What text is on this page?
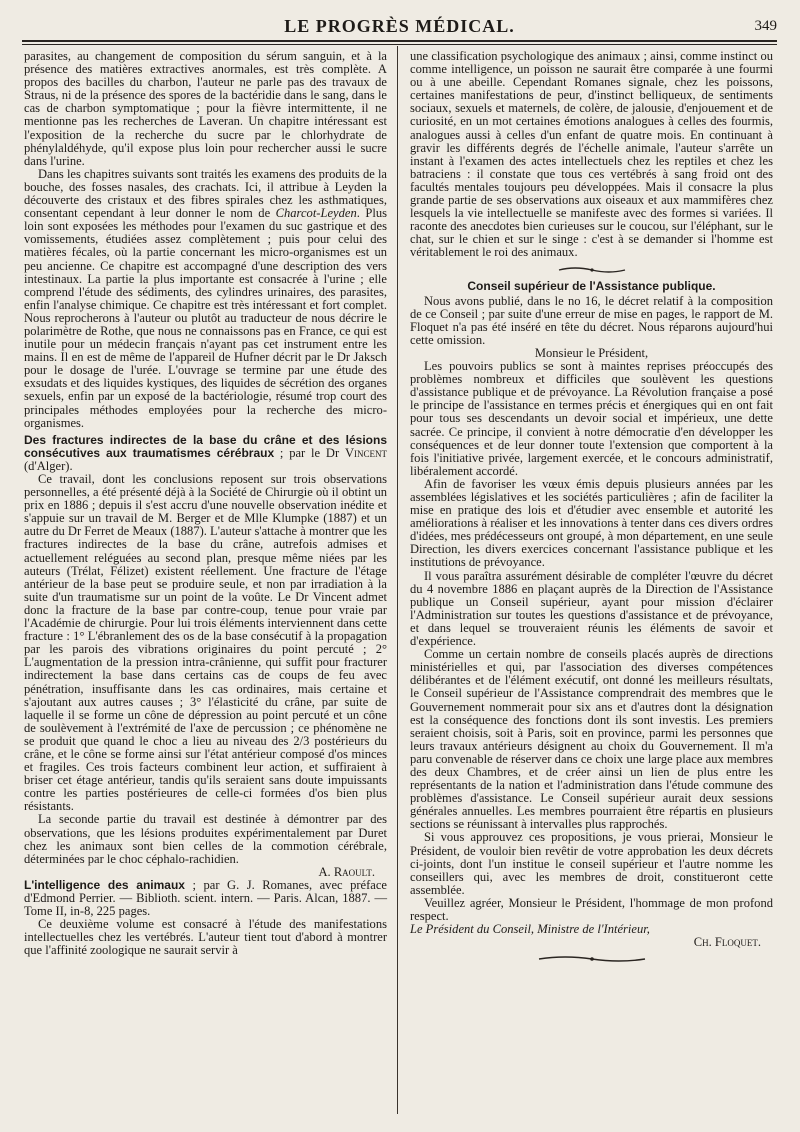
LE PROGRÈS MÉDICAL.	349

parasites, au changement de composition du sérum sanguin, et à la présence des matières extractives anormales, est très complète. A propos des bacilles du charbon, l'auteur ne parle pas des travaux de Straus, ni de la présence des spores de la bactéridie dans le sang, dans le cas de charbon symptomatique ; pour la fièvre intermittente, il ne mentionne pas les recherches de Laveran. Un chapitre intéressant est l'exposition de la recherche du sucre par le chlorhydrate de phénylaldéhyde, qu'il expose plus loin pour rechercher aussi le sucre dans l'urine.

Dans les chapitres suivants sont traités les examens des produits de la bouche, des fosses nasales, des crachats. Ici, il attribue à Leyden la découverte des cristaux et des fibres spirales chez les asthmatiques, consentant cependant à leur donner le nom de Charcot-Leyden. Plus loin sont exposées les méthodes pour l'examen du suc gastrique et des vomissements, étudiées assez complètement ; puis pour celui des matières fécales, où la partie concernant les micro-organismes est un peu ancienne. Ce chapitre est accompagné d'une description des vers intestinaux. La partie la plus importante est consacrée à l'urine ; elle comprend l'étude des sédiments, des cylindres urinaires, des parasites, enfin l'analyse chimique. Ce chapitre est très intéressant et fort complet. Nous reprocherons à l'auteur ou plutôt au traducteur de nous décrire le polarimètre de Rothe, que nous ne connaissons pas en France, ce qui est inutile pour un médecin français n'ayant pas cet instrument entre les mains. Il en est de même de l'appareil de Hufner décrit par le Dr Jaksch pour le dosage de l'urée. L'ouvrage se termine par une étude des exsudats et des liquides kystiques, des liquides de sécrétion des organes sexuels, enfin par un exposé de la bactériologie, résumé trop court des principales méthodes employées pour la recherche des micro-organismes.

Des fractures indirectes de la base du crâne et des lésions consécutives aux traumatismes cérébraux ; par le Dr Vincent (d'Alger).

Ce travail, dont les conclusions reposent sur trois observations personnelles, a été présenté déjà à la Société de Chirurgie où il obtint un prix en 1886 ; depuis il s'est accru d'une nouvelle observation inédite et s'appuie sur un travail de M. Berger et de Mlle Klumpke (1887) et un autre du Dr Ferret de Meaux (1887). L'auteur s'attache à montrer que les fractures indirectes de la base du crâne, autrefois admises et actuellement reléguées au second plan, presque même niées par les auteurs (Trélat, Félizet) existent réellement. Une fracture de l'étage antérieur de la base peut se produire seule, et non par irradiation à la suite d'un traumatisme sur un point de la voûte. Le Dr Vincent admet donc la fracture de la base par contre-coup, tenue pour vraie par l'Académie de chirurgie. Pour lui trois éléments interviennent dans cette fracture : 1° L'ébranlement des os de la base consécutif à la propagation par les parois des vibrations originaires du point percuté ; 2° L'augmentation de la pression intra-crânienne, qui suffit pour fracturer indirectement la base dans certains cas de coups de feu avec pénétration, insuffisante dans les cas ordinaires, mais certaine et s'ajoutant aux autres causes ; 3° l'élasticité du crâne, par suite de laquelle il se forme un cône de dépression au point percuté et un cône de soulèvement à l'extrémité de l'axe de percussion ; ce phénomène ne se produit que quand le choc a lieu au niveau des 2/3 postérieurs du crâne, et le cône se forme ainsi sur l'état antérieur composé d'os minces et fragiles. Ces trois facteurs combinent leur action, et suffiraient à briser cet étage antérieur, tandis qu'ils seraient sans doute impuissants contre les parties postérieures de celle-ci formées d'os bien plus résistants.

La seconde partie du travail est destinée à démontrer par des observations, que les lésions produites expérimentalement par Duret chez les animaux sont bien celles de la commotion cérébrale, déterminées par le choc céphalo-rachidien.

A. Raoult.

L'intelligence des animaux ; par G. J. Romanes, avec préface d'Edmond Perrier. — Biblioth. scient. intern. — Paris. Alcan, 1887. — Tome II, in-8, 225 pages.

Ce deuxième volume est consacré à l'étude des manifestations intellectuelles chez les vertébrés. L'auteur tient tout d'abord à montrer que l'affinité zoologique ne saurait servir à

une classification psychologique des animaux ; ainsi, comme instinct ou comme intelligence, un poisson ne saurait être comparée à une fourmi ou à une abeille. Cependant Romanes signale, chez les poissons, certaines manifestations de peur, d'instinct belliqueux, de sentiments sociaux, sexuels et maternels, de colère, de jalousie, d'enjouement et de curiosité, en un mot certaines émotions analogues à celles des fourmis, analogues aussi à celles d'un enfant de quatre mois. En continuant à gravir les différents degrés de l'échelle animale, l'auteur s'arrête un instant à l'examen des actes intellectuels chez les reptiles et chez les batraciens : il constate que tous ces vertébrés à sang froid ont des facultés mentales toujours peu développées. Mais il consacre la plus grande partie de ses observations aux oiseaux et aux mammifères chez lesquels la vie intellectuelle se manifeste avec des formes si variées. Il raconte des anecdotes bien curieuses sur le coucou, sur l'éléphant, sur le chat, sur le chien et sur le singe : c'est à se demander si l'homme est véritablement le roi des animaux.

Conseil supérieur de l'Assistance publique.

Nous avons publié, dans le no 16, le décret relatif à la composition de ce Conseil ; par suite d'une erreur de mise en pages, le rapport de M. Floquet n'a pas été inséré en tête du décret. Nous réparons aujourd'hui cette omission.

Monsieur le Président,

Les pouvoirs publics se sont à maintes reprises préoccupés des problèmes nombreux et difficiles que soulèvent les questions d'assistance publique et de prévoyance. La Révolution française a posé le principe de l'assistance en termes précis et énergiques qui en ont fait pour tous ses descendants un devoir social et impérieux, une dette sacrée. Ce principe, il convient à notre démocratie d'en développer les conséquences et de leur donner toute l'extension que comportent à la fois l'initiative privée, largement exercée, et le concours administratif, libéralement accordé.

Afin de favoriser les vœux émis depuis plusieurs années par les assemblées législatives et les sociétés particulières ; afin de faciliter la mise en pratique des lois et d'étudier avec ensemble et autorité les améliorations à réaliser et les innovations à tenter dans ces divers ordres d'idées, mes prédécesseurs ont groupé, à mon département, en une seule Direction, les divers exercices concernant l'assistance publique et les institutions de prévoyance.

Il vous paraîtra assurément désirable de compléter l'œuvre du décret du 4 novembre 1886 en plaçant auprès de la Direction de l'Assistance publique un Conseil supérieur, ayant pour mission d'éclairer l'Administration sur toutes les questions d'assistance et de prévoyance, et dans lequel se trouveraient réunis les éléments de savoir et d'expérience.

Comme un certain nombre de conseils placés auprès de directions ministérielles et qui, par l'association des diverses compétences délibérantes et de l'élément exécutif, ont donné les meilleurs résultats, le Conseil supérieur de l'Assistance comprendrait des membres que le Gouvernement nommerait pour six ans et d'autres dont la désignation est la conséquence des fonctions dont ils sont investis. Les premiers seraient choisis, soit à Paris, soit en province, parmi les personnes que leurs travaux antérieurs désignent au choix du Gouvernement. Il m'a paru convenable de réserver dans ce choix une large place aux membres des deux Chambres, et de créer ainsi un lien de plus entre les représentants de la nation et l'administration dans l'étude commune des problèmes d'assistance. Le Conseil supérieur aurait deux sessions générales annuelles. Les membres pourraient être répartis en plusieurs sections se réunissant à intervalles plus rapprochés.

Si vous approuvez ces propositions, je vous prierai, Monsieur le Président, de vouloir bien revêtir de votre approbation les deux décrets ci-joints, dont l'un institue le conseil supérieur et l'autre nomme les conseillers qui, avec les membres de droit, constitueront cette assemblée.

Veuillez agréer, Monsieur le Président, l'hommage de mon profond respect.

Le Président du Conseil, Ministre de l'Intérieur,
Ch. Floquet.
